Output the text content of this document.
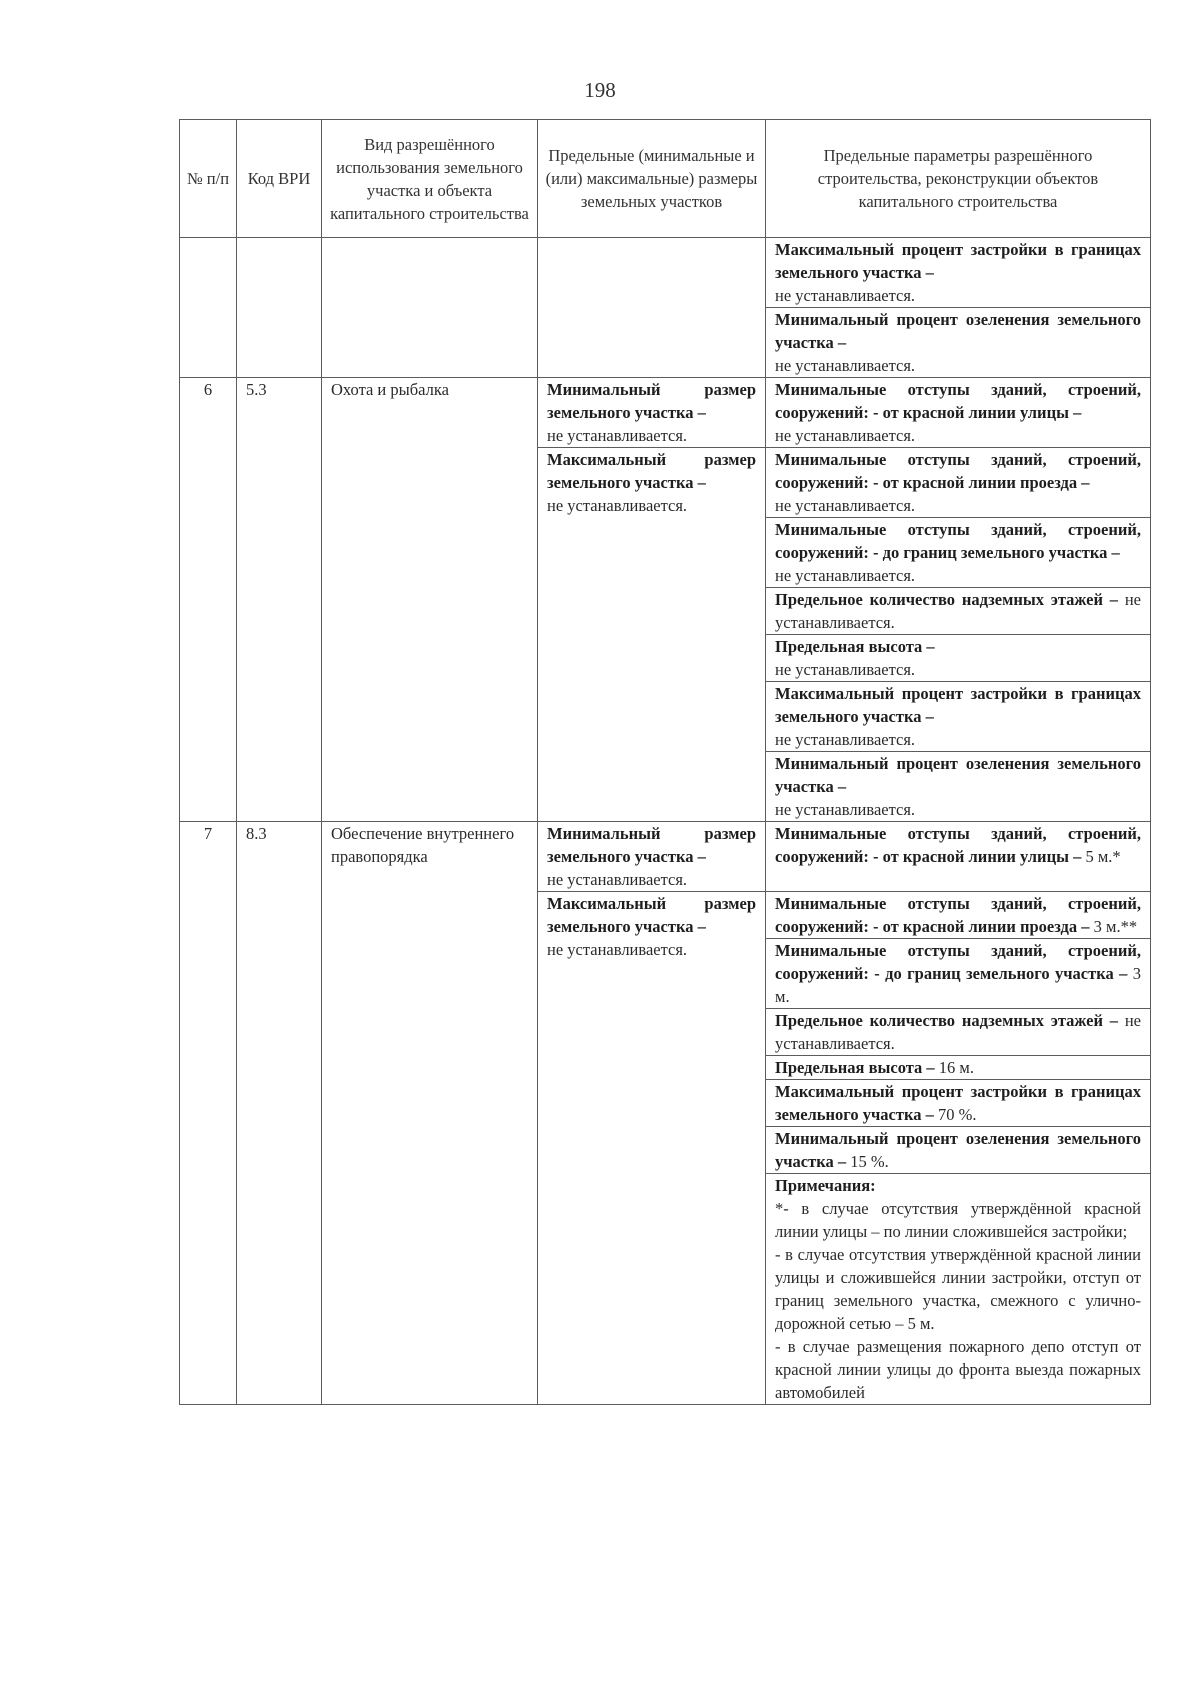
198
№ п/п	Код ВРИ	Вид разрешённого использования земельного участка и объекта капитального строительства	Предельные (минимальные и (или) максимальные) размеры земельных участков	Предельные параметры разрешённого строительства, реконструкции объектов капитального строительства
				Максимальный процент застройки в границах земельного участка –
не устанавливается.
				Минимальный процент озеленения земельного участка –
не устанавливается.
6	5.3	Охота и рыбалка	Минимальный размер земельного участка –
не устанавливается.	Минимальные отступы зданий, строений, сооружений: - от красной линии улицы –
не устанавливается.
			Максимальный размер земельного участка –
не устанавливается.	Минимальные отступы зданий, строений, сооружений: - от красной линии проезда –
не устанавливается.
				Минимальные отступы зданий, строений, сооружений: - до границ земельного участка –
не устанавливается.
				Предельное количество надземных этажей – не устанавливается.
				Предельная высота –
не устанавливается.
				Максимальный процент застройки в границах земельного участка –
не устанавливается.
				Минимальный процент озеленения земельного участка –
не устанавливается.
7	8.3	Обеспечение внутреннего правопорядка	Минимальный размер земельного участка –
не устанавливается.	Минимальные отступы зданий, строений, сооружений: - от красной линии улицы – 5 м.*
			Максимальный размер земельного участка –
не устанавливается.	Минимальные отступы зданий, строений, сооружений: - от красной линии проезда – 3 м.**
				Минимальные отступы зданий, строений, сооружений: - до границ земельного участка – 3 м.
				Предельное количество надземных этажей – не устанавливается.
				Предельная высота – 16 м.
				Максимальный процент застройки в границах земельного участка – 70 %.
				Минимальный процент озеленения земельного участка – 15 %.
				Примечания:

*- в случае отсутствия утверждённой красной линии улицы – по линии сложившейся застройки;
- в случае отсутствия утверждённой красной линии улицы и сложившейся линии застройки, отступ от границ земельного участка, смежного с улично-дорожной сетью – 5 м.
- в случае размещения пожарного депо отступ от красной линии улицы до фронта выезда пожарных автомобилей
